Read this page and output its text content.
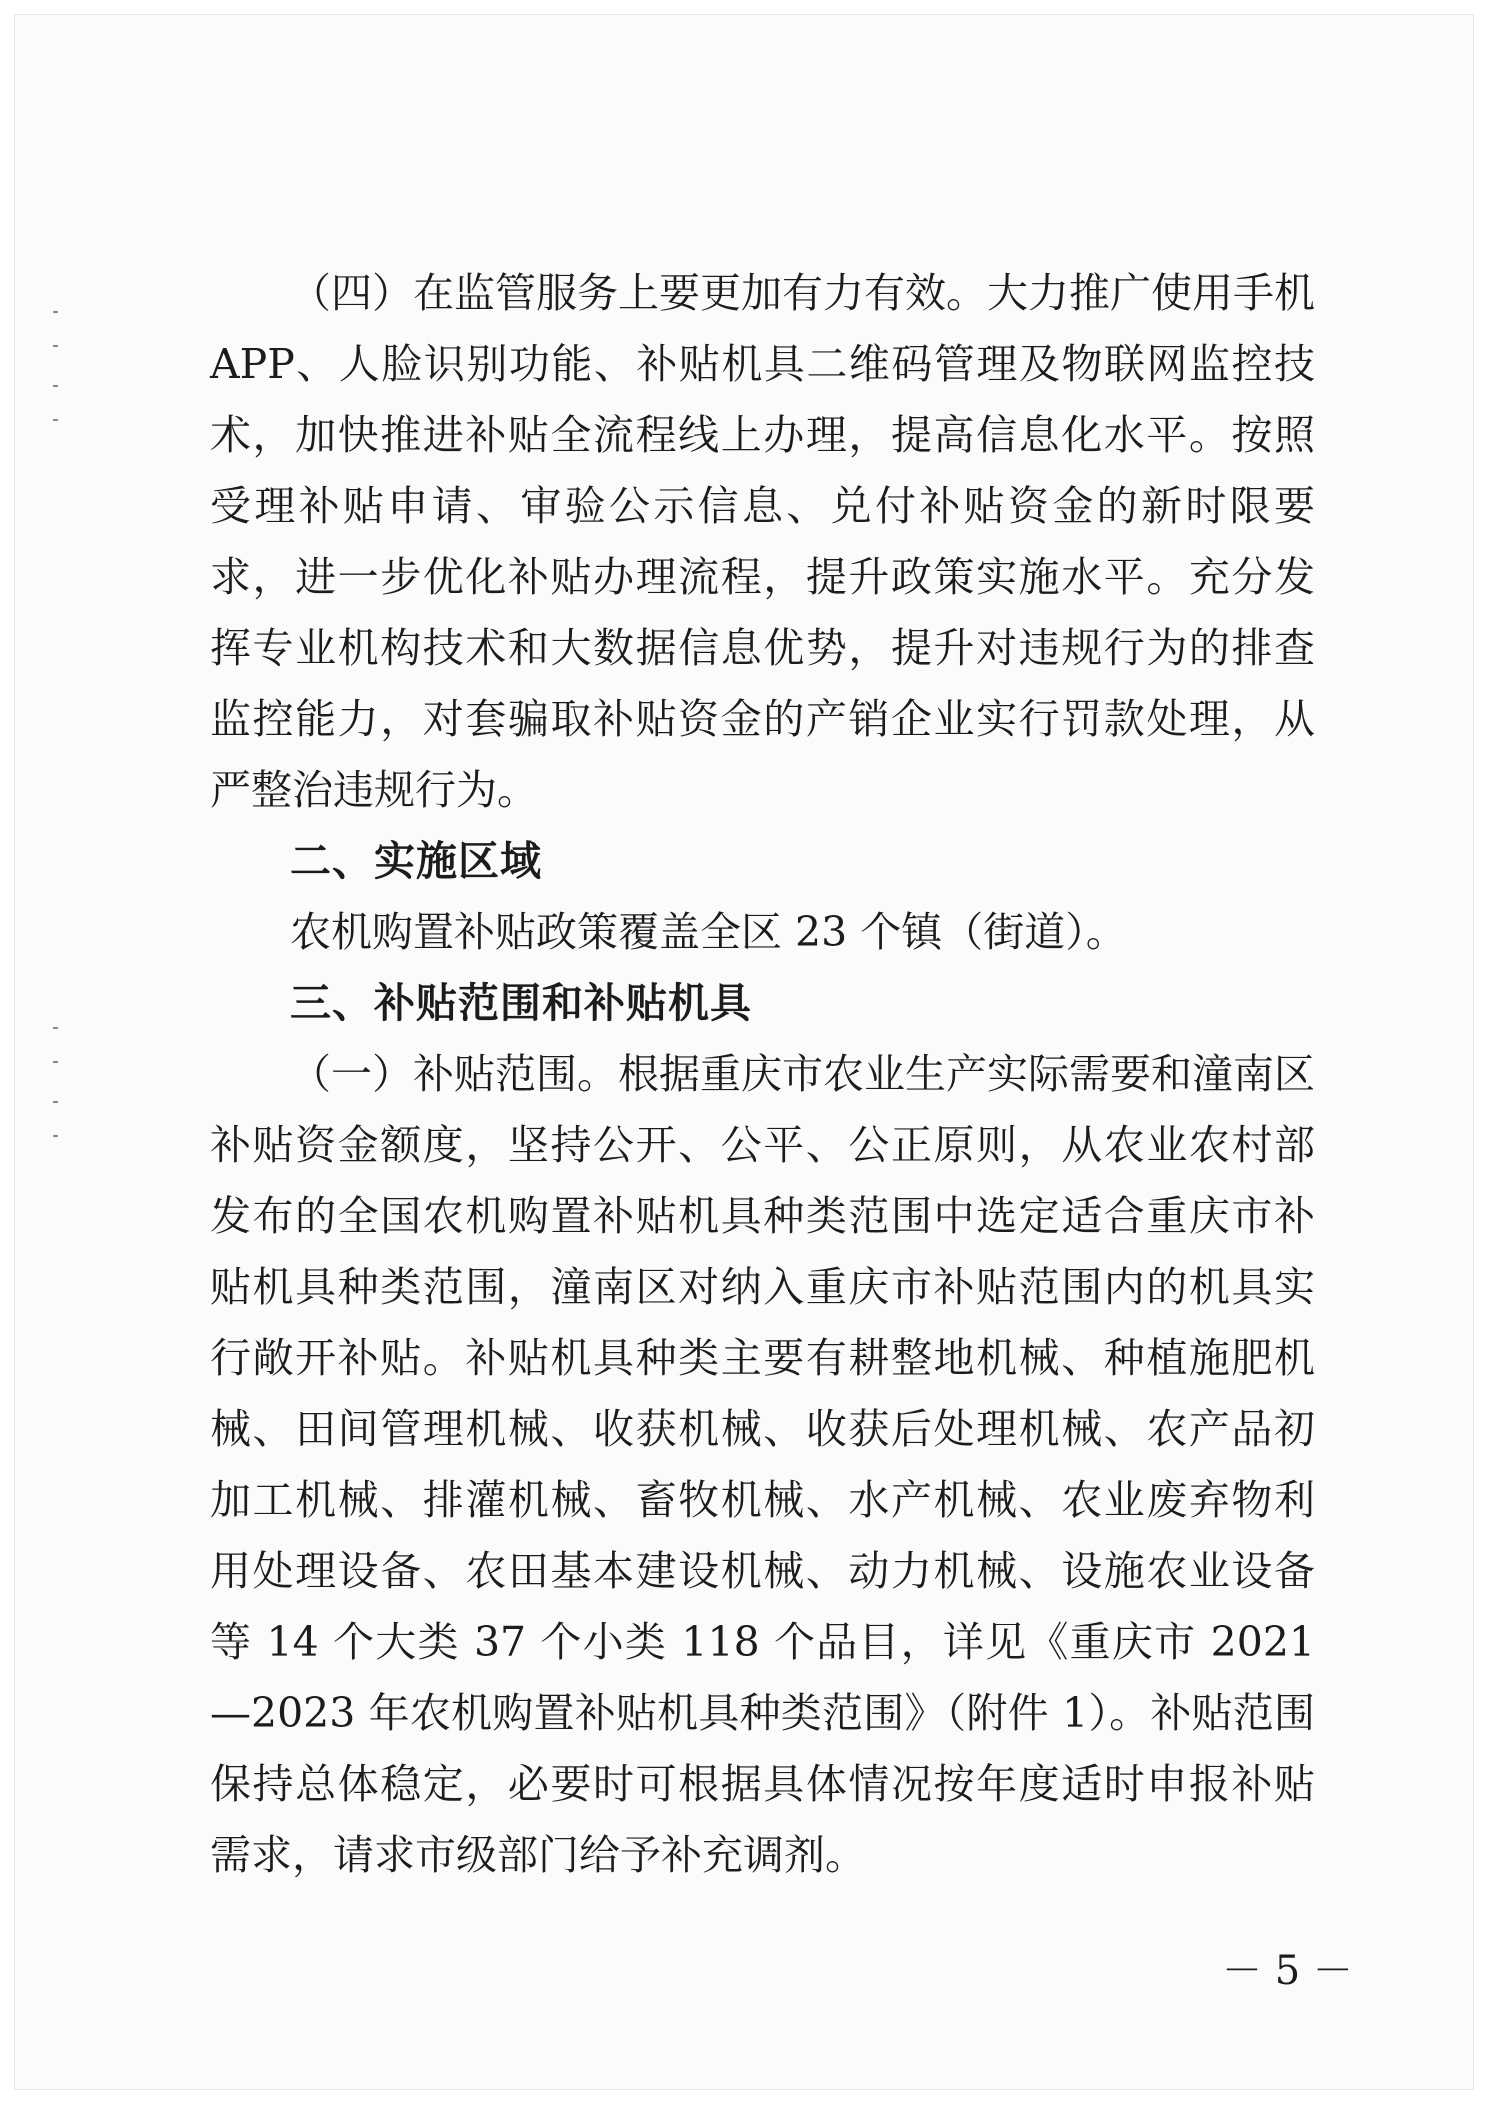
（四）在监管服务上要更加有力有效。大力推广使用手机APP、人脸识别功能、补贴机具二维码管理及物联网监控技术，加快推进补贴全流程线上办理，提高信息化水平。按照受理补贴申请、审验公示信息、兑付补贴资金的新时限要求，进一步优化补贴办理流程，提升政策实施水平。充分发挥专业机构技术和大数据信息优势，提升对违规行为的排查监控能力，对套骗取补贴资金的产销企业实行罚款处理，从严整治违规行为。

二、实施区域

农机购置补贴政策覆盖全区 23 个镇（街道）。

三、补贴范围和补贴机具

（一）补贴范围。根据重庆市农业生产实际需要和潼南区补贴资金额度，坚持公开、公平、公正原则，从农业农村部发布的全国农机购置补贴机具种类范围中选定适合重庆市补贴机具种类范围，潼南区对纳入重庆市补贴范围内的机具实行敞开补贴。补贴机具种类主要有耕整地机械、种植施肥机械、田间管理机械、收获机械、收获后处理机械、农产品初加工机械、排灌机械、畜牧机械、水产机械、农业废弃物利用处理设备、农田基本建设机械、动力机械、设施农业设备等 14 个大类 37 个小类 118 个品目，详见《重庆市 2021—2023 年农机购置补贴机具种类范围》（附件 1）。补贴范围保持总体稳定，必要时可根据具体情况按年度适时申报补贴需求，请求市级部门给予补充调剂。

－ 5 －
